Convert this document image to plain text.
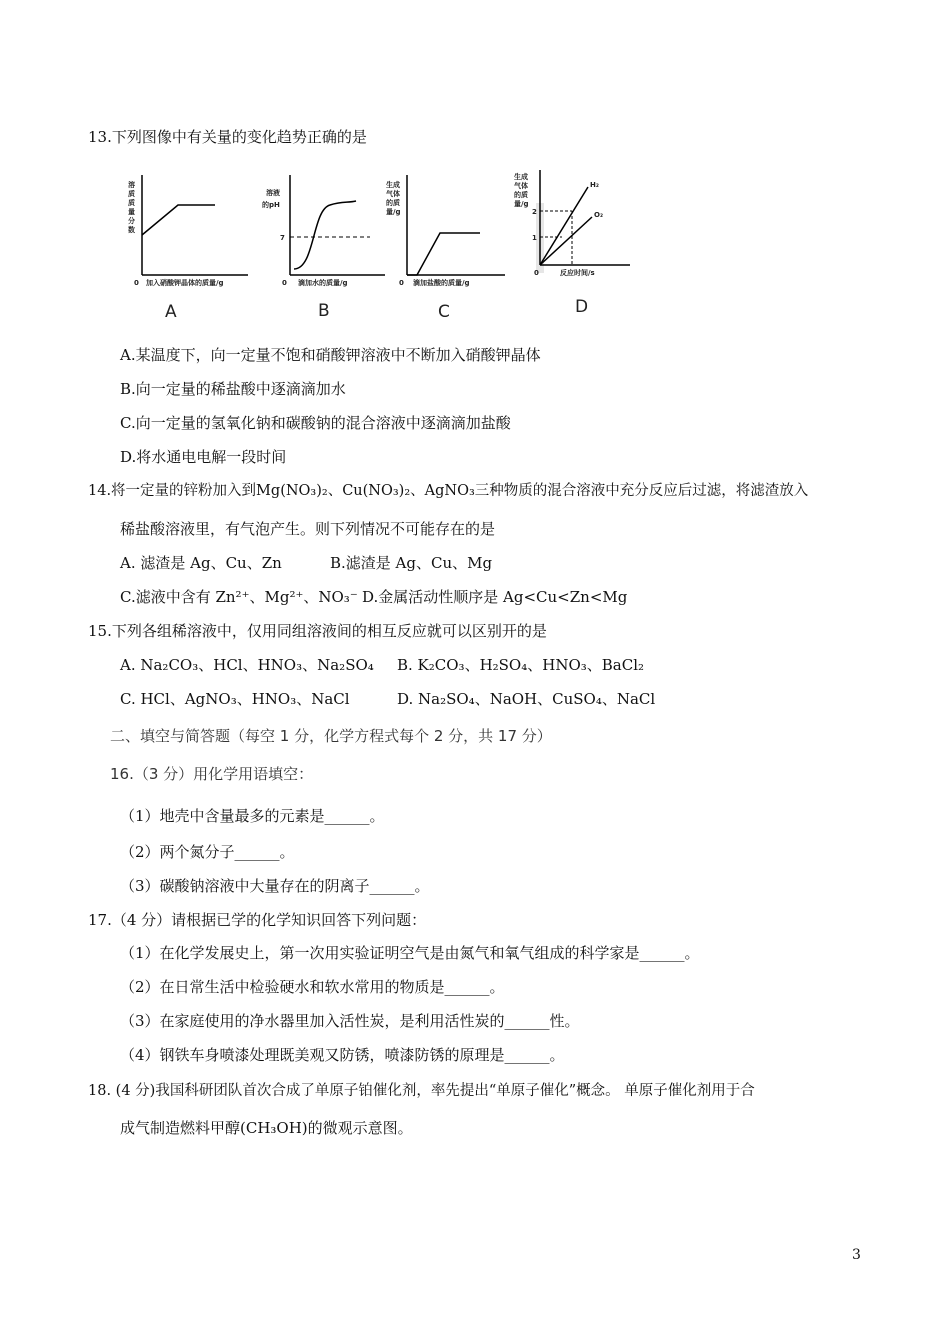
13.下列图像中有关量的变化趋势正确的是
溶
质
质
量
分
数
0 加入硝酸钾晶体的质量/g
溶液
的pH
7
0 滴加水的质量/g
生成
气体
的质
量/g
0 滴加盐酸的质量/g
生成
气体
的质
量/g
2
1
H₂
O₂
0	反应时间/s
A	B	C	D
A.某温度下，向一定量不饱和硝酸钾溶液中不断加入硝酸钾晶体
B.向一定量的稀盐酸中逐滴滴加水
C.向一定量的氢氧化钠和碳酸钠的混合溶液中逐滴滴加盐酸
D.将水通电电解一段时间
14.将一定量的锌粉加入到Mg(NO₃)₂、Cu(NO₃)₂、AgNO₃三种物质的混合溶液中充分反应后过滤，将滤渣放入
稀盐酸溶液里，有气泡产生。则下列情况不可能存在的是
A. 滤渣是 Ag、Cu、Zn	B.滤渣是 Ag、Cu、Mg
C.滤液中含有 Zn²⁺、Mg²⁺、NO₃⁻ D.金属活动性顺序是 Ag<Cu<Zn<Mg
15.下列各组稀溶液中，仅用同组溶液间的相互反应就可以区别开的是
A. Na₂CO₃、HCl、HNO₃、Na₂SO₄ B. K₂CO₃、H₂SO₄、HNO₃、BaCl₂
C. HCl、AgNO₃、HNO₃、NaCl	D. Na₂SO₄、NaOH、CuSO₄、NaCl
二、填空与简答题（每空 1 分，化学方程式每个 2 分，共 17 分）
16.（3 分）用化学用语填空：
（1）地壳中含量最多的元素是______。
（2）两个氮分子______。
（3）碳酸钠溶液中大量存在的阴离子______。
17.（4 分）请根据已学的化学知识回答下列问题：
（1）在化学发展史上，第一次用实验证明空气是由氮气和氧气组成的科学家是______。
（2）在日常生活中检验硬水和软水常用的物质是______。
（3）在家庭使用的净水器里加入活性炭，是利用活性炭的______性。
（4）钢铁车身喷漆处理既美观又防锈，喷漆防锈的原理是______。
18. (4 分)我国科研团队首次合成了单原子铂催化剂，率先提出“单原子催化”概念。 单原子催化剂用于合
成气制造燃料甲醇(CH₃OH)的微观示意图。
3
